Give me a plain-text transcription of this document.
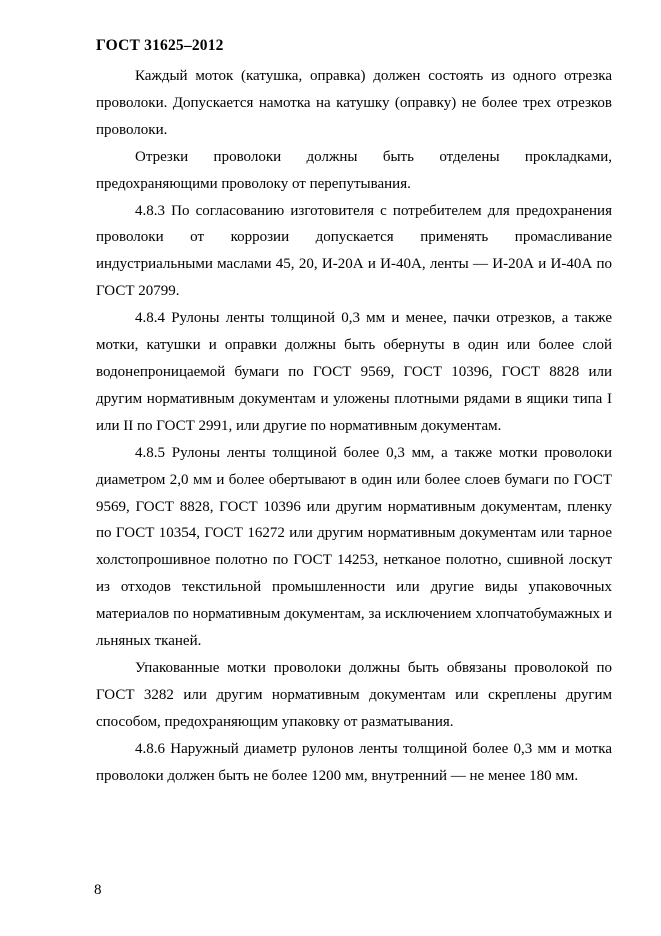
ГОСТ 31625–2012

Каждый моток (катушка, оправка) должен состоять из одного отрезка проволоки. Допускается намотка на катушку (оправку) не более трех отрезков проволоки.

Отрезки проволоки должны быть отделены прокладками, предохраняющими проволоку от перепутывания.

4.8.3 По согласованию изготовителя с потребителем для предохранения проволоки от коррозии допускается применять промасливание индустриальными маслами 45, 20, И-20А и И-40А, ленты — И-20А и И-40А по ГОСТ 20799.

4.8.4 Рулоны ленты толщиной 0,3 мм и менее, пачки отрезков, а также мотки, катушки и оправки должны быть обернуты в один или более слой водонепроницаемой бумаги по ГОСТ 9569, ГОСТ 10396, ГОСТ 8828 или другим нормативным документам и уложены плотными рядами в ящики типа I или II по ГОСТ 2991, или другие по нормативным документам.

4.8.5 Рулоны ленты толщиной более 0,3 мм, а также мотки проволоки диаметром 2,0 мм и более обертывают в один или более слоев бумаги по ГОСТ 9569, ГОСТ 8828, ГОСТ 10396 или другим нормативным документам, пленку по ГОСТ 10354, ГОСТ 16272 или другим нормативным документам или тарное холстопрошивное полотно по ГОСТ 14253, нетканое полотно, сшивной лоскут из отходов текстильной промышленности или другие виды упаковочных материалов по нормативным документам, за исключением хлопчатобумажных и льняных тканей.

Упакованные мотки проволоки должны быть обвязаны проволокой по ГОСТ 3282 или другим нормативным документам или скреплены другим способом, предохраняющим упаковку от разматывания.

4.8.6 Наружный диаметр рулонов ленты толщиной более 0,3 мм и мотка проволоки должен быть не более 1200 мм, внутренний — не менее 180 мм.

8
